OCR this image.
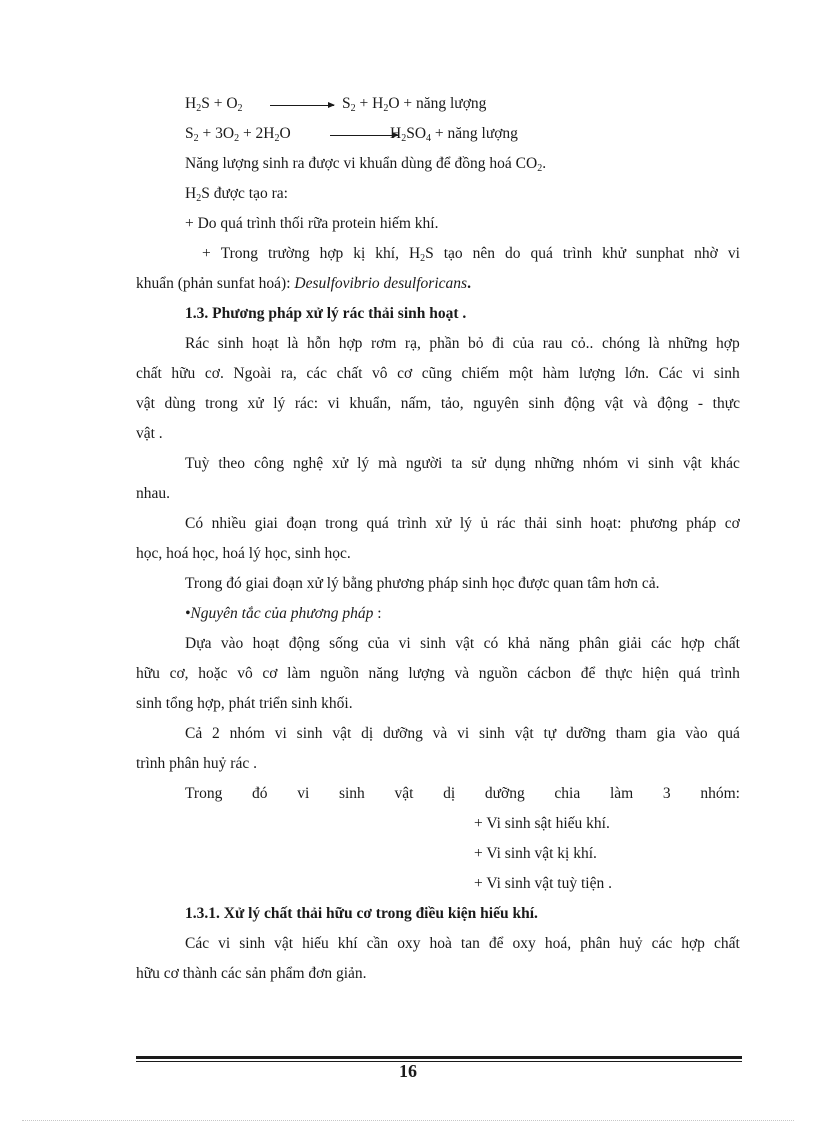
$H_2S + O_2 \to S_2 + H_2O$ + năng lượng
$S_2 + 3O_2 + 2H_2O$	$H_2SO_4$ + năng lượng
Năng lượng sinh ra được vi khuẩn dùng để đồng hoá $CO_2$.
$H_2S$ được tạo ra:
+ Do quá trình thối rữa protein hiếm khí.
+ Trong trường hợp kị khí, $H_2S$ tạo nên do quá trình khử sunphat nhờ vi
khuẩn (phản sunfat hoá): Desulfovibrio desulforicans.
1.3. Phương pháp xử lý rác thải sinh hoạt .
Rác sinh hoạt là hỗn hợp rơm rạ, phần bỏ đi của rau cỏ.. chóng là những hợp
chất hữu cơ. Ngoài ra, các chất vô cơ cũng chiếm một hàm lượng lớn. Các vi sinh
vật dùng trong xử lý rác: vi khuẩn, nấm, tảo, nguyên sinh động vật và động - thực
vật .
Tuỳ theo công nghệ xử lý mà người ta sử dụng những nhóm vi sinh vật khác
nhau.
Có nhiều giai đoạn trong quá trình xử lý ủ rác thải sinh hoạt: phương pháp cơ
học, hoá học, hoá lý học, sinh học.
Trong đó giai đoạn xử lý bằng phương pháp sinh học được quan tâm hơn cả.
•Nguyên tắc của phương pháp :
Dựa vào hoạt động sống của vi sinh vật có khả năng phân giải các hợp chất
hữu cơ, hoặc vô cơ làm nguồn năng lượng và nguồn cácbon để thực hiện quá trình
sinh tổng hợp, phát triển sinh khối.
Cả 2 nhóm vi sinh vật dị dưỡng và vi sinh vật tự dưỡng tham gia vào quá
trình phân huỷ rác .
Trong đó vi sinh vật dị dưỡng chia làm 3 nhóm:
+ Vi sinh sật hiếu khí.
+ Vi sinh vật kị khí.
+ Vi sinh vật tuỳ tiện .
1.3.1. Xử lý chất thải hữu cơ trong điều kiện hiếu khí.
Các vi sinh vật hiếu khí cần oxy hoà tan để oxy hoá, phân huỷ các hợp chất
hữu cơ thành các sản phẩm đơn giản.
16
